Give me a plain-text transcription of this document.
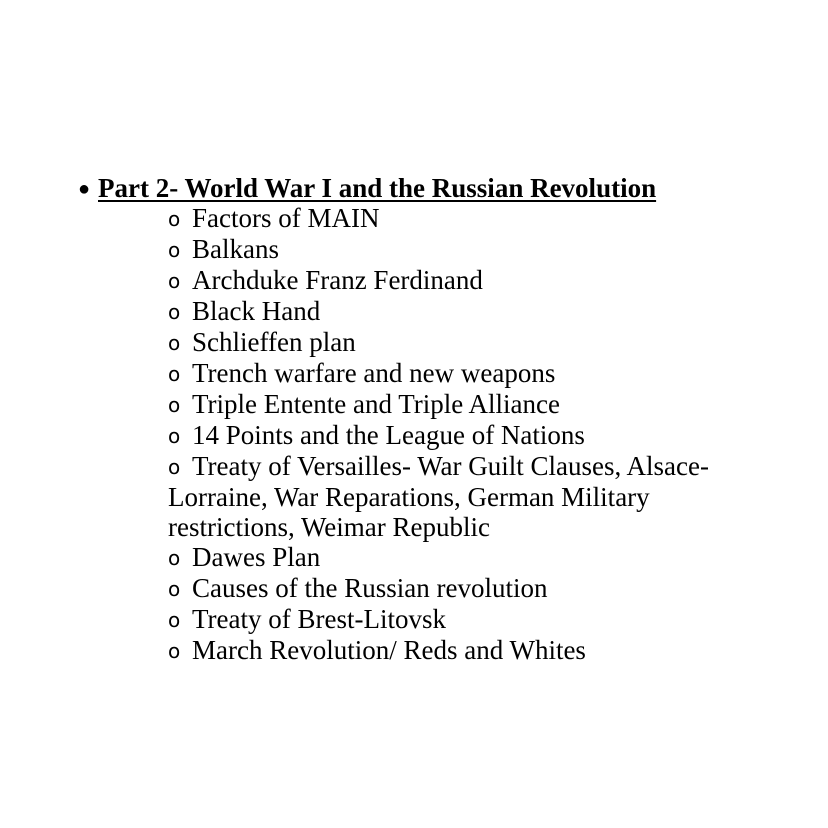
● Part 2- World War I and the Russian Revolution
o Factors of MAIN
o Balkans
o Archduke Franz Ferdinand
o Black Hand
o Schlieffen plan
o Trench warfare and new weapons
o Triple Entente and Triple Alliance
o 14 Points and the League of Nations
o Treaty of Versailles- War Guilt Clauses, Alsace-
Lorraine, War Reparations, German Military
restrictions, Weimar Republic
o Dawes Plan
o Causes of the Russian revolution
o Treaty of Brest-Litovsk
o March Revolution/ Reds and Whites
